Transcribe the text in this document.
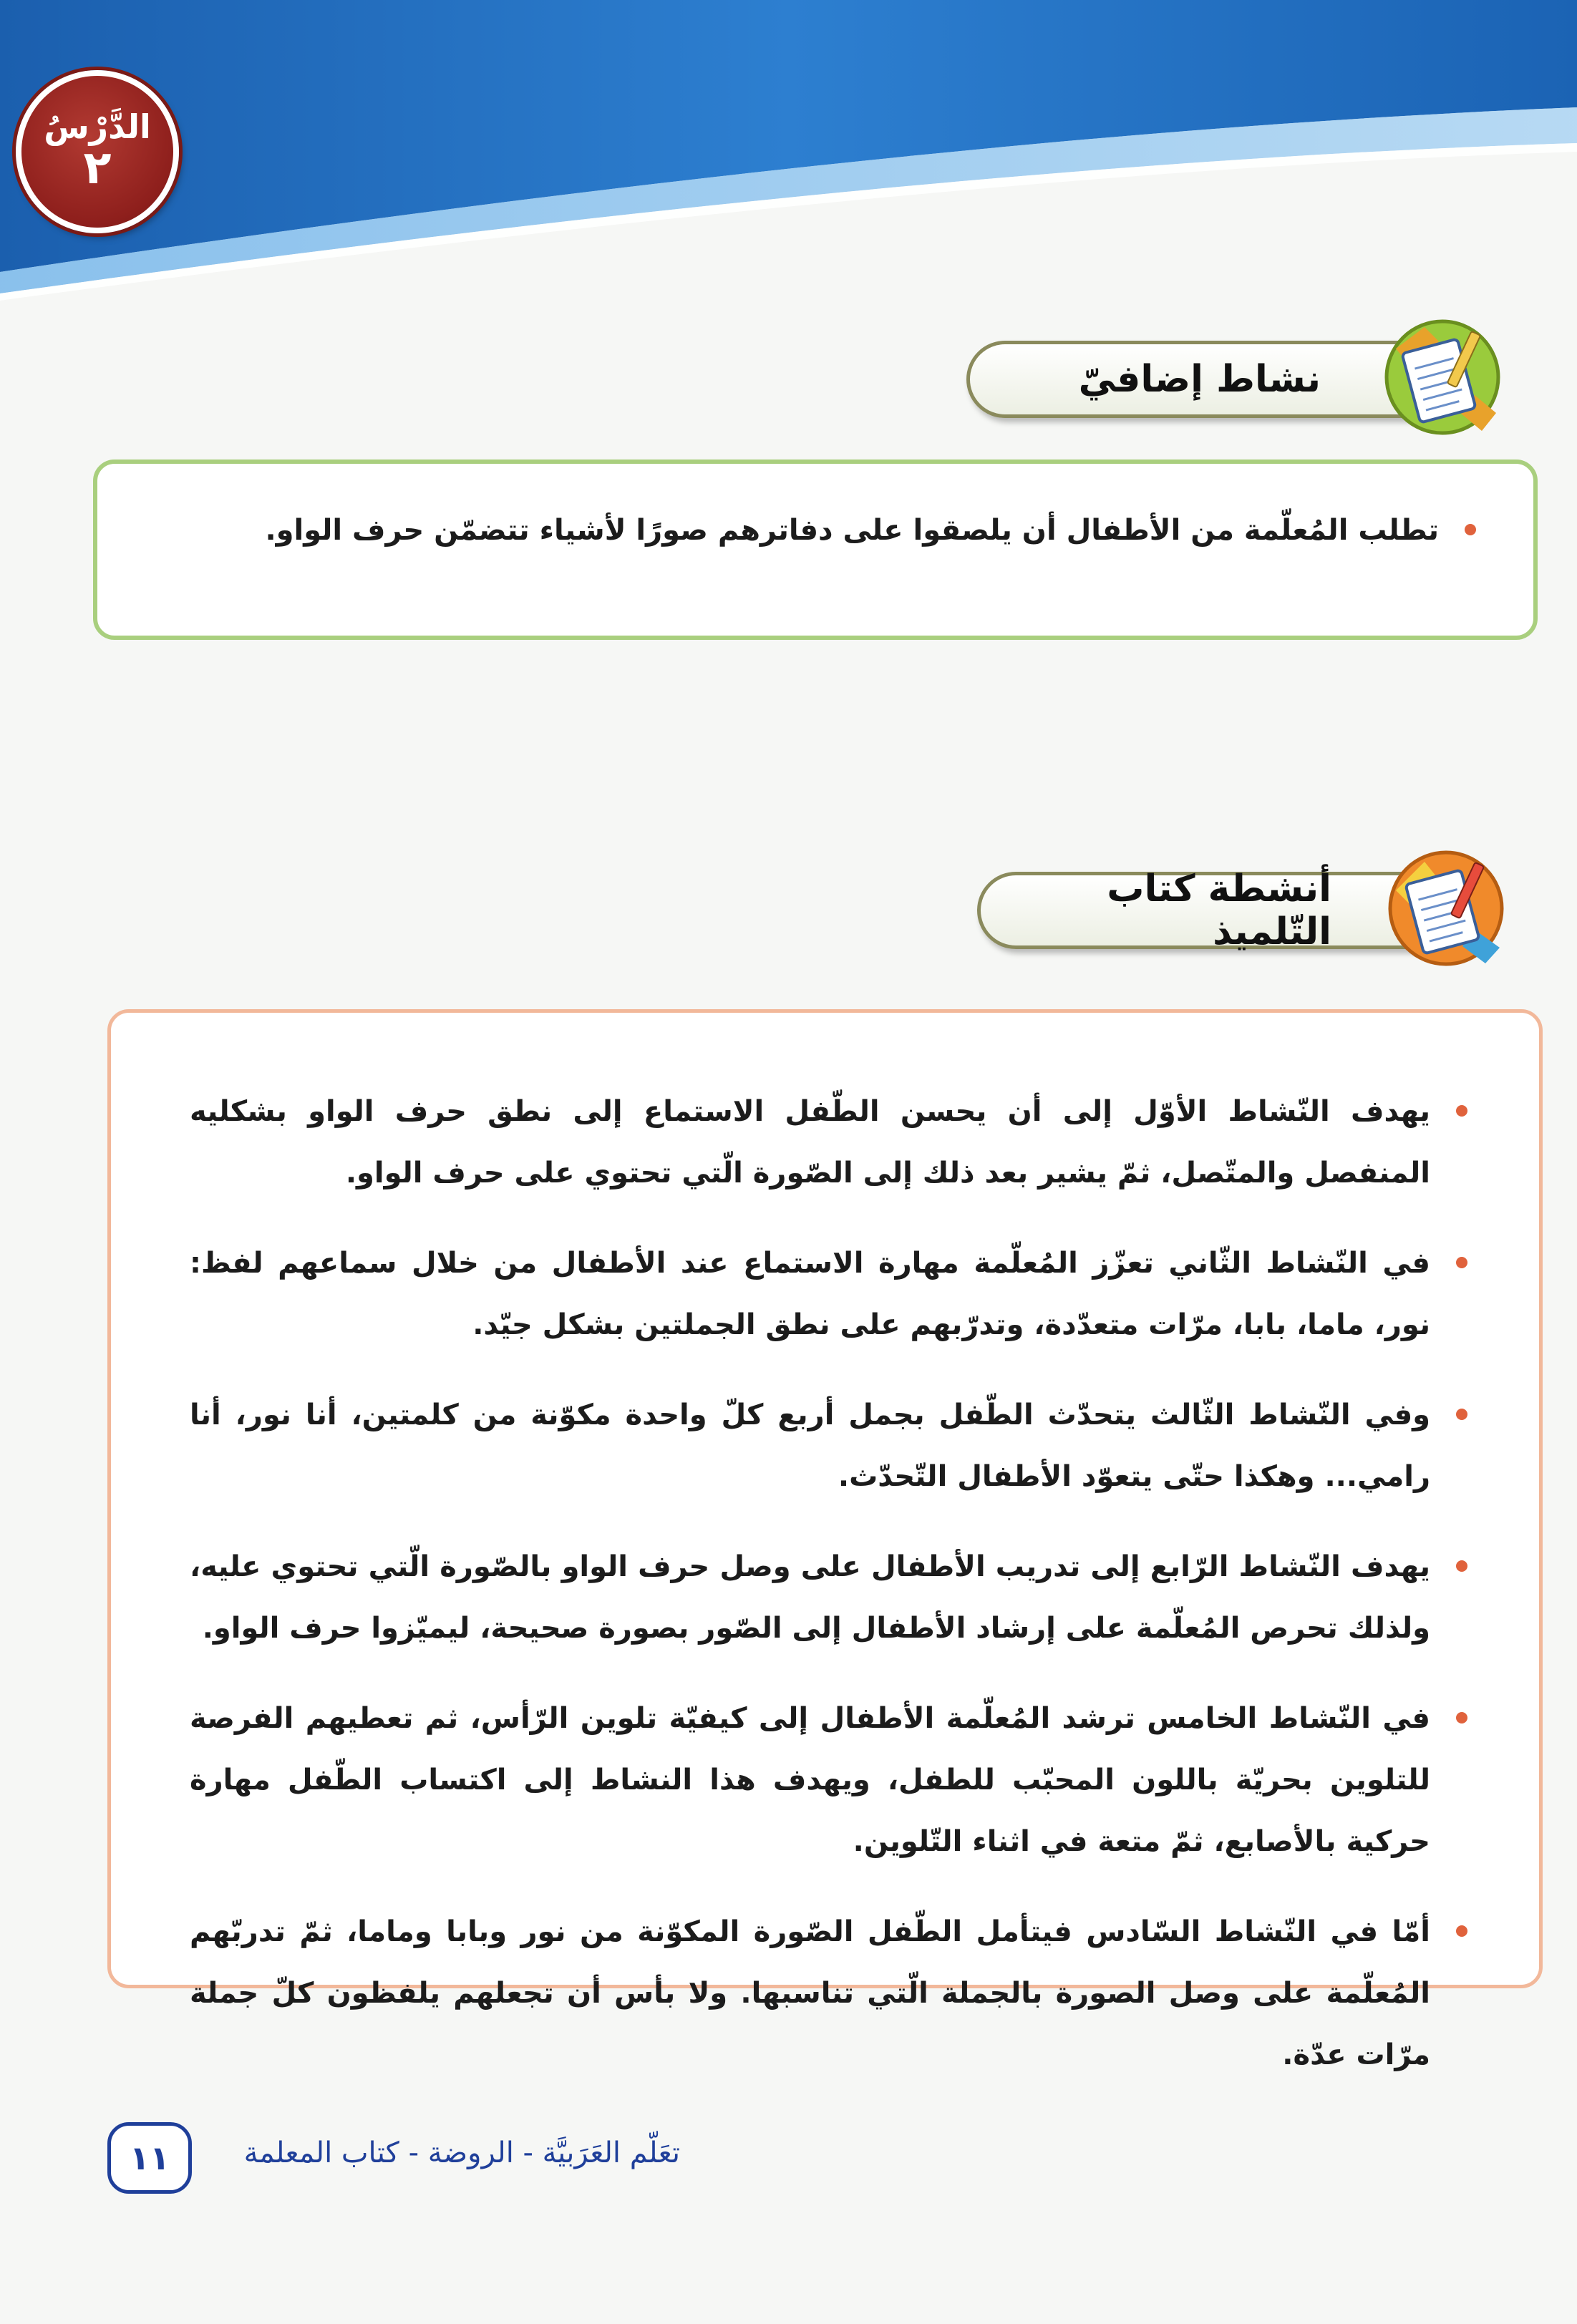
الدَّرْسُ
٢
نشاط إضافيّ
تطلب المُعلّمة من الأطفال أن يلصقوا على دفاترهم صورًا لأشياء تتضمّن حرف الواو.
أنشطة كتاب التّلميذ
يهدف النّشاط الأوّل إلى أن يحسن الطّفل الاستماع إلى نطق حرف الواو بشكليه المنفصل والمتّصل، ثمّ يشير بعد ذلك إلى الصّورة الّتي تحتوي على حرف الواو.
في النّشاط الثّاني تعزّز المُعلّمة مهارة الاستماع عند الأطفال من خلال سماعهم لفظ: نور، ماما، بابا، مرّات متعدّدة، وتدرّبهم على نطق الجملتين بشكل جيّد.
وفي النّشاط الثّالث يتحدّث الطّفل بجمل أربع كلّ واحدة مكوّنة من كلمتين، أنا نور، أنا رامي... وهكذا حتّى يتعوّد الأطفال التّحدّث.
يهدف النّشاط الرّابع إلى تدريب الأطفال على وصل حرف الواو بالصّورة الّتي تحتوي عليه، ولذلك تحرص المُعلّمة على إرشاد الأطفال إلى الصّور بصورة صحيحة، ليميّزوا حرف الواو.
في النّشاط الخامس ترشد المُعلّمة الأطفال إلى كيفيّة تلوين الرّأس، ثم تعطيهم الفرصة للتلوين بحريّة باللون المحبّب للطفل، ويهدف هذا النشاط إلى اكتساب الطّفل مهارة حركية بالأصابع، ثمّ متعة في اثناء التّلوين.
أمّا في النّشاط السّادس فيتأمل الطّفل الصّورة المكوّنة من نور وبابا وماما، ثمّ تدربّهم المُعلّمة على وصل الصورة بالجملة الّتي تناسبها. ولا بأس أن تجعلهم يلفظون كلّ جملة مرّات عدّة.
١١	تعَلّم العَرَبيَّة - الروضة - كتاب المعلمة
